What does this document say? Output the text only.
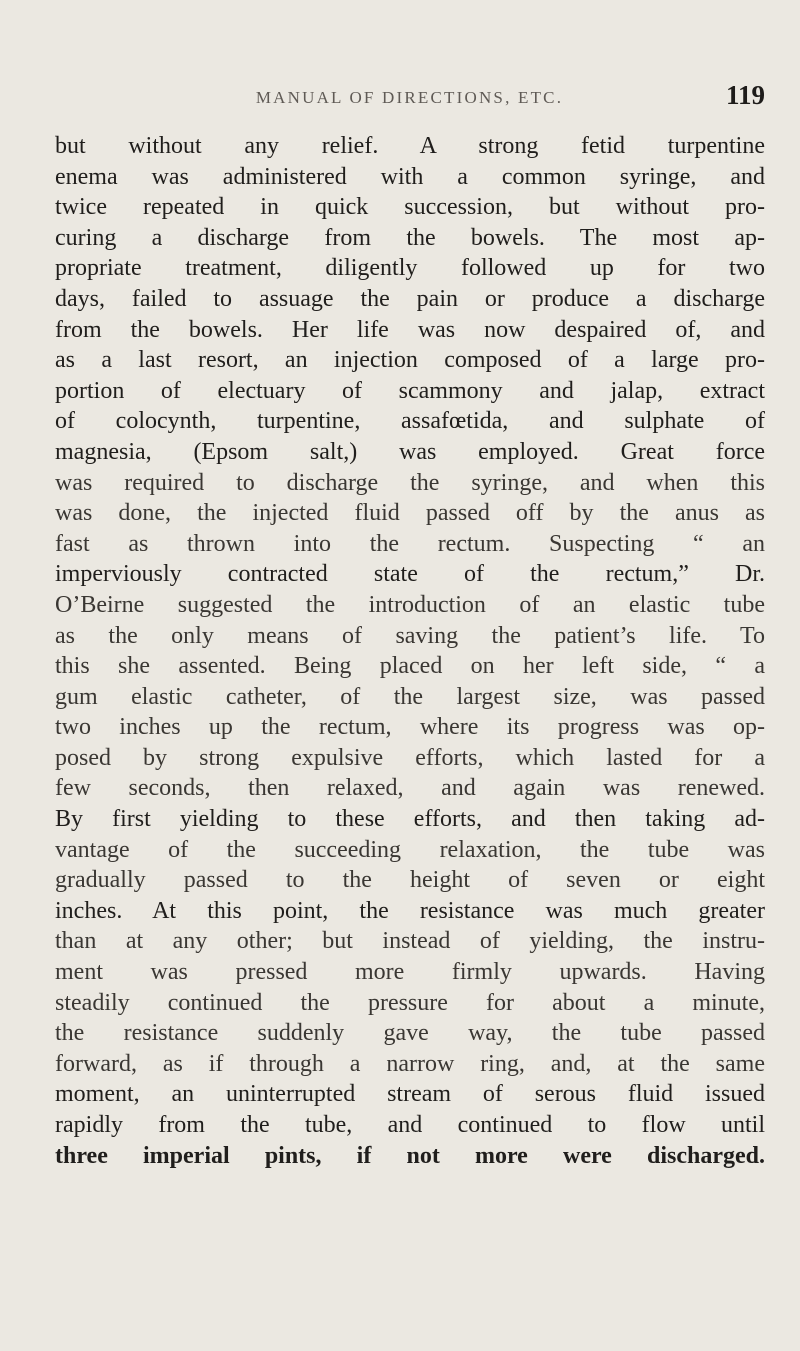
MANUAL OF DIRECTIONS, ETC.	119
but without any relief. A strong fetid turpentine
enema was administered with a common syringe, and
twice repeated in quick succession, but without pro-
curing a discharge from the bowels. The most ap-
propriate treatment, diligently followed up for two
days, failed to assuage the pain or produce a discharge
from the bowels. Her life was now despaired of, and
as a last resort, an injection composed of a large pro-
portion of electuary of scammony and jalap, extract
of colocynth, turpentine, assafœtida, and sulphate of
magnesia, (Epsom salt,) was employed. Great force
was required to discharge the syringe, and when this
was done, the injected fluid passed off by the anus as
fast as thrown into the rectum. Suspecting “ an
imperviously contracted state of the rectum,” Dr.
O’Beirne suggested the introduction of an elastic tube
as the only means of saving the patient’s life. To
this she assented. Being placed on her left side, “ a
gum elastic catheter, of the largest size, was passed
two inches up the rectum, where its progress was op-
posed by strong expulsive efforts, which lasted for a
few seconds, then relaxed, and again was renewed.
By first yielding to these efforts, and then taking ad-
vantage of the succeeding relaxation, the tube was
gradually passed to the height of seven or eight
inches. At this point, the resistance was much greater
than at any other; but instead of yielding, the instru-
ment was pressed more firmly upwards. Having
steadily continued the pressure for about a minute,
the resistance suddenly gave way, the tube passed
forward, as if through a narrow ring, and, at the same
moment, an uninterrupted stream of serous fluid issued
rapidly from the tube, and continued to flow until
three imperial pints, if not more were discharged.
